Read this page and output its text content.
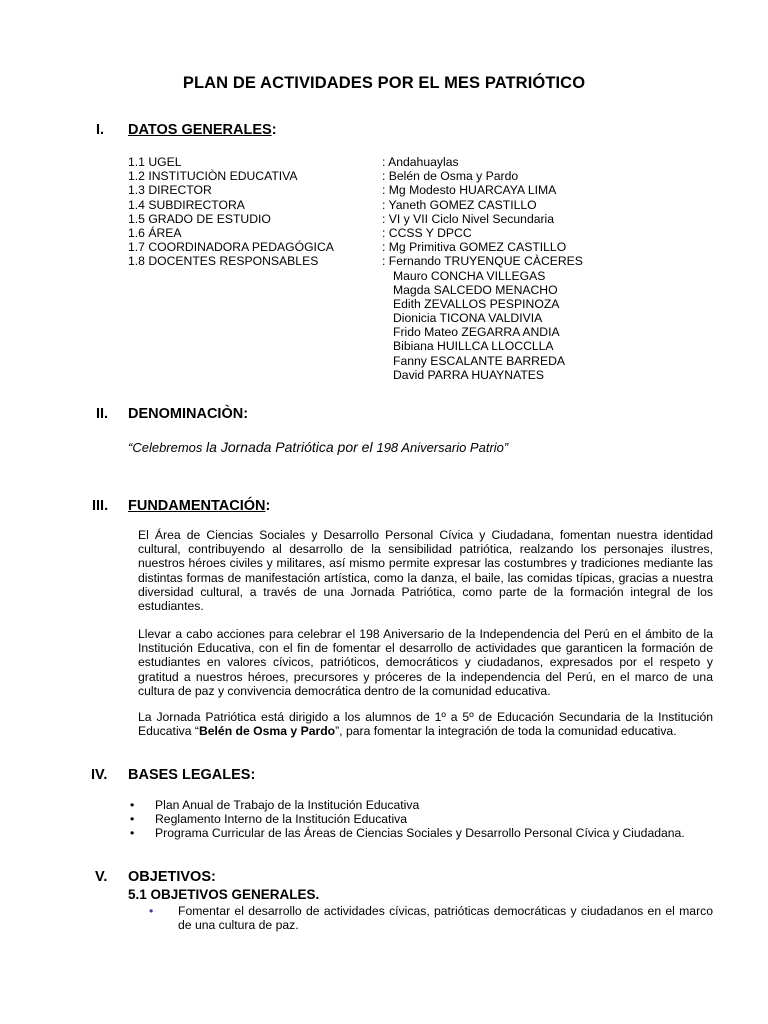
PLAN DE ACTIVIDADES POR EL MES PATRIÓTICO
I. DATOS GENERALES:
1.1 UGEL	: Andahuaylas
1.2 INSTITUCIÒN EDUCATIVA	: Belén de Osma y Pardo
1.3 DIRECTOR	: Mg Modesto HUARCAYA LIMA
1.4 SUBDIRECTORA	: Yaneth GOMEZ CASTILLO
1.5 GRADO DE ESTUDIO	: VI y VII Ciclo Nivel Secundaria
1.6 ÁREA	: CCSS Y DPCC
1.7 COORDINADORA PEDAGÓGICA	: Mg Primitiva GOMEZ CASTILLO
1.8 DOCENTES RESPONSABLES	: Fernando TRUYENQUE CÀCERES
Mauro CONCHA VILLEGAS
Magda SALCEDO MENACHO
Edith ZEVALLOS PESPINOZA
Dionicia TICONA VALDIVIA
Frido Mateo ZEGARRA ANDIA
Bibiana HUILLCA LLOCCLLA
Fanny ESCALANTE BARREDA
David PARRA HUAYNATES
II. DENOMINACIÒN:
“Celebremos la Jornada Patriótica por el 198 Aniversario Patrio”
III. FUNDAMENTACIÓN:

El Área de Ciencias Sociales y Desarrollo Personal Cívica y Ciudadana, fomentan nuestra identidad cultural, contribuyendo al desarrollo de la sensibilidad patriótica, realzando los personajes ilustres, nuestros héroes civiles y militares, así mismo permite expresar las costumbres y tradiciones mediante las distintas formas de manifestación artística, como la danza, el baile, las comidas típicas, gracias a nuestra diversidad cultural, a través de una Jornada Patriótica, como parte de la formación integral de los estudiantes.

Llevar a cabo acciones para celebrar el 198 Aniversario de la Independencia del Perú en el ámbito de la Institución Educativa, con el fin de fomentar el desarrollo de actividades que garanticen la formación de estudiantes en valores cívicos, patrióticos, democráticos y ciudadanos, expresados por el respeto y gratitud a nuestros héroes, precursores y próceres de la independencia del Perú, en el marco de una cultura de paz y convivencia democrática dentro de la comunidad educativa.

La Jornada Patriótica está dirigido a los alumnos de 1º a 5º de Educación Secundaria de la Institución Educativa “Belén de Osma y Pardo”, para fomentar la integración de toda la comunidad educativa.

IV. BASES LEGALES:
• Plan Anual de Trabajo de la Institución Educativa
• Reglamento Interno de la Institución Educativa
• Programa Curricular de las Áreas de Ciencias Sociales y Desarrollo Personal Cívica y Ciudadana.
V. OBJETIVOS:
5.1 OBJETIVOS GENERALES.
•	Fomentar el desarrollo de actividades cívicas, patrióticas democráticas y ciudadanos en el marco de una cultura de paz.
